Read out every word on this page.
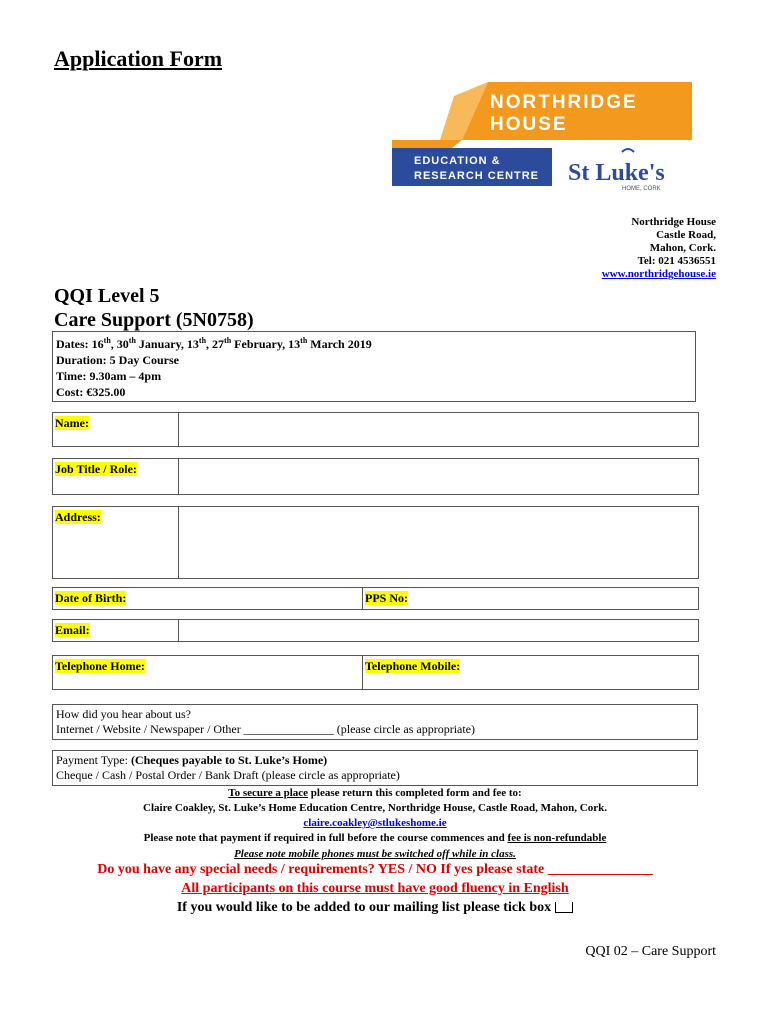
Application Form
NORTHRIDGE
HOUSE
EDUCATION &
RESEARCH CENTRE St Luke's
HOME, CORK
Northridge House
Castle Road,
Mahon, Cork.
Tel: 021 4536551
www.northridgehouse.ie
QQI Level 5
Care Support (5N0758)
Dates: 16th, 30th January, 13th, 27th February, 13th March 2019
Duration: 5 Day Course
Time: 9.30am – 4pm
Cost: €325.00
Name:	
Job Title / Role:	
Address:	
Date of Birth:	PPS No:
Email:	
Telephone Home:	Telephone Mobile:
How did you hear about us?
Internet / Website / Newspaper / Other _______________ (please circle as appropriate)
Payment Type: (Cheques payable to St. Luke’s Home)
Cheque / Cash / Postal Order / Bank Draft (please circle as appropriate)
To secure a place please return this completed form and fee to:
Claire Coakley, St. Luke’s Home Education Centre, Northridge House, Castle Road, Mahon, Cork.
claire.coakley@stlukeshome.ie
Please note that payment if required in full before the course commences and fee is non-refundable
Please note mobile phones must be switched off while in class.
Do you have any special needs / requirements? YES / NO If yes please state _______________
All participants on this course must have good fluency in English
If you would like to be added to our mailing list please tick box
QQI 02 – Care Support
